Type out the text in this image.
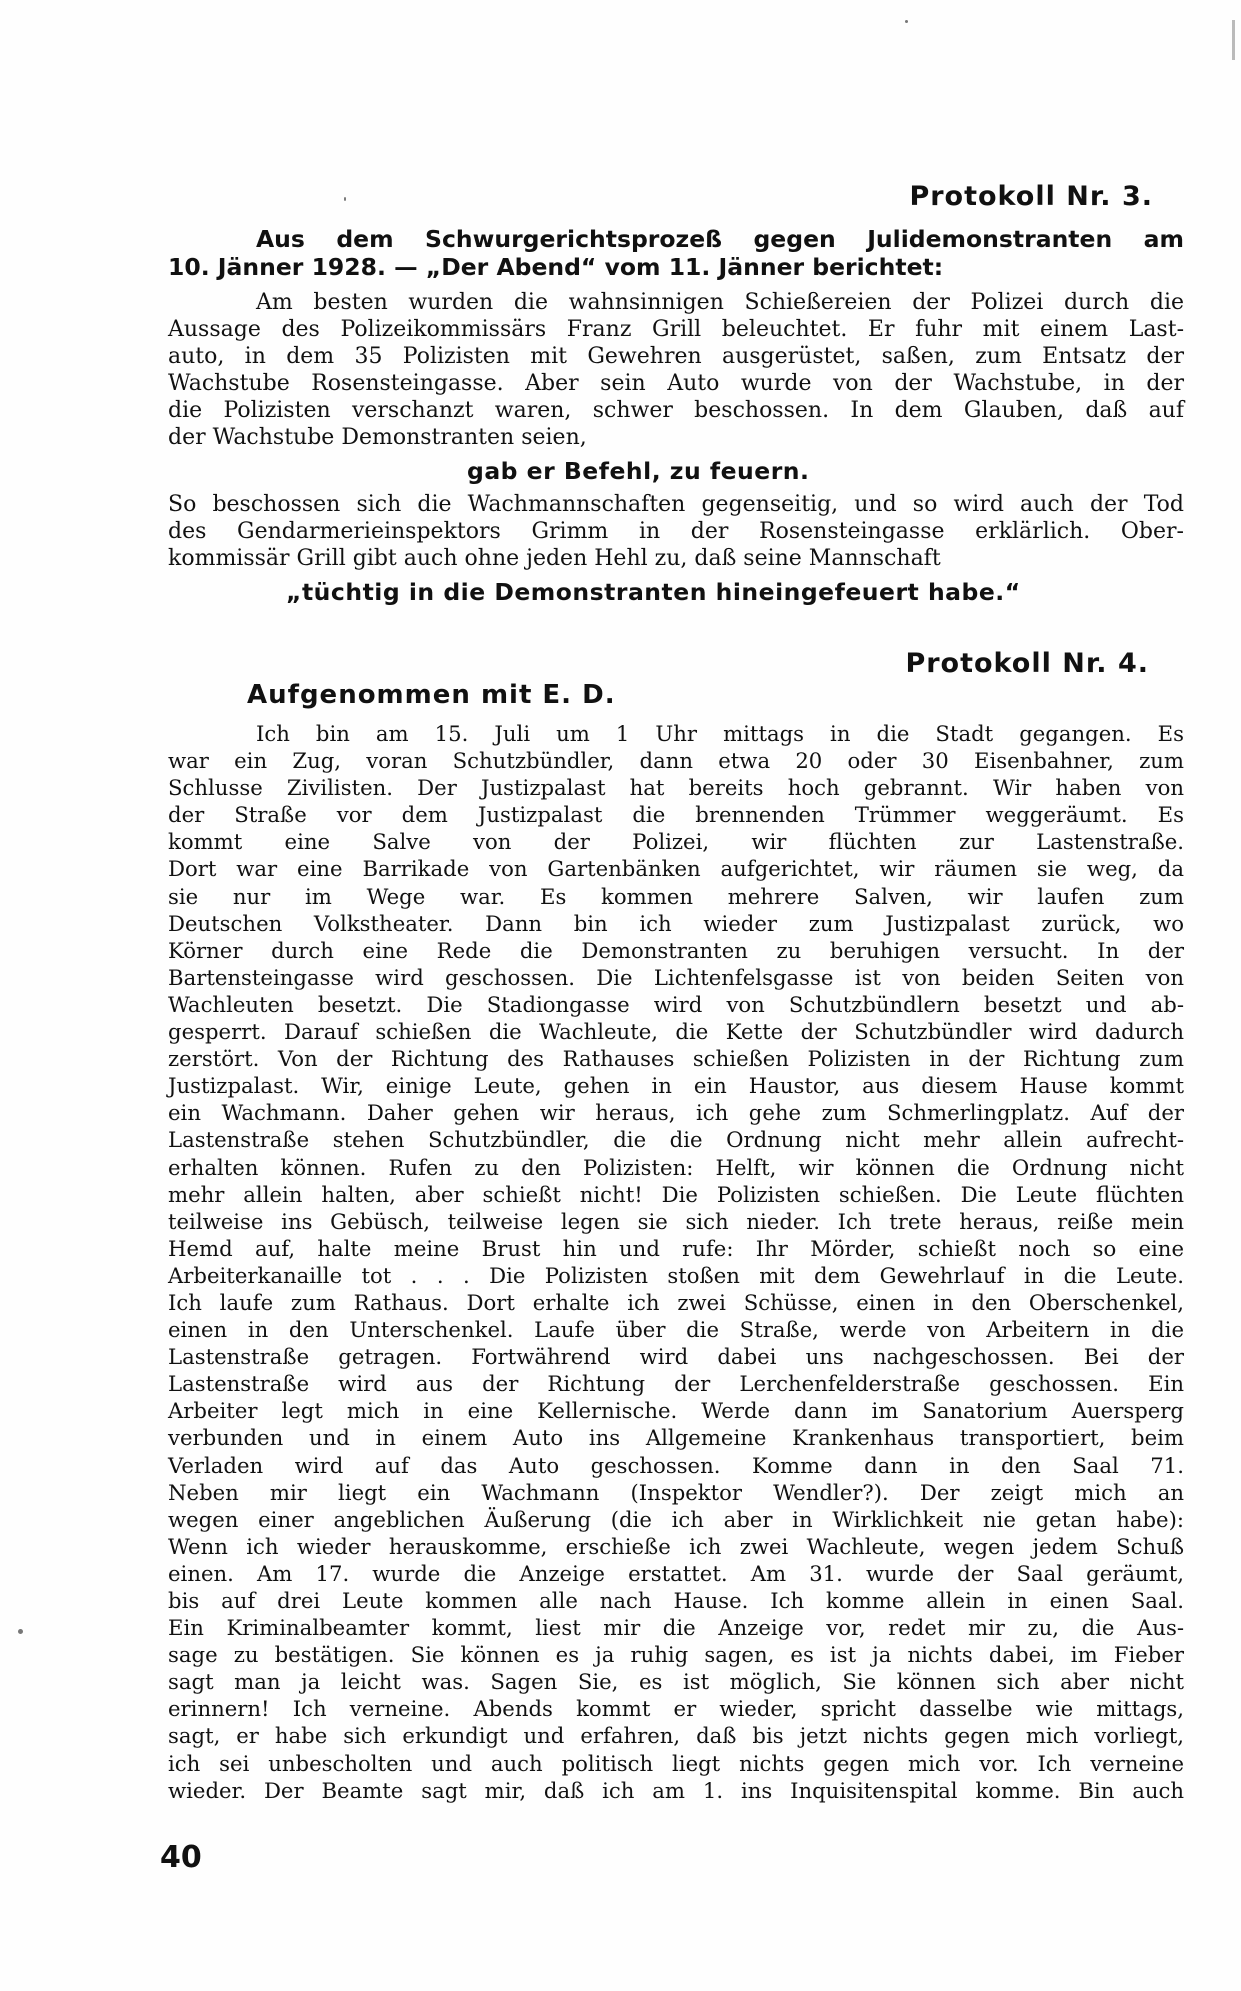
Protokoll Nr. 3.
Aus dem Schwurgerichtsprozeß gegen Julidemonstranten am
10. Jänner 1928. — „Der Abend“ vom 11. Jänner berichtet:
Am besten wurden die wahnsinnigen Schießereien der Polizei durch die
Aussage des Polizeikommissärs Franz Grill beleuchtet. Er fuhr mit einem Last-
auto, in dem 35 Polizisten mit Gewehren ausgerüstet, saßen, zum Entsatz der
Wachstube Rosensteingasse. Aber sein Auto wurde von der Wachstube, in der
die Polizisten verschanzt waren, schwer beschossen. In dem Glauben, daß auf
der Wachstube Demonstranten seien,
gab er Befehl, zu feuern.
So beschossen sich die Wachmannschaften gegenseitig, und so wird auch der Tod
des Gendarmerieinspektors Grimm in der Rosensteingasse erklärlich. Ober-
kommissär Grill gibt auch ohne jeden Hehl zu, daß seine Mannschaft
„tüchtig in die Demonstranten hineingefeuert habe.“
Protokoll Nr. 4.
Aufgenommen mit E. D.
Ich bin am 15. Juli um 1 Uhr mittags in die Stadt gegangen. Es
war ein Zug, voran Schutzbündler, dann etwa 20 oder 30 Eisenbahner, zum
Schlusse Zivilisten. Der Justizpalast hat bereits hoch gebrannt. Wir haben von
der Straße vor dem Justizpalast die brennenden Trümmer weggeräumt. Es
kommt eine Salve von der Polizei, wir flüchten zur Lastenstraße.
Dort war eine Barrikade von Gartenbänken aufgerichtet, wir räumen sie weg, da
sie nur im Wege war. Es kommen mehrere Salven, wir laufen zum
Deutschen Volkstheater. Dann bin ich wieder zum Justizpalast zurück, wo
Körner durch eine Rede die Demonstranten zu beruhigen versucht. In der
Bartensteingasse wird geschossen. Die Lichtenfelsgasse ist von beiden Seiten von
Wachleuten besetzt. Die Stadiongasse wird von Schutzbündlern besetzt und ab-
gesperrt. Darauf schießen die Wachleute, die Kette der Schutzbündler wird dadurch
zerstört. Von der Richtung des Rathauses schießen Polizisten in der Richtung zum
Justizpalast. Wir, einige Leute, gehen in ein Haustor, aus diesem Hause kommt
ein Wachmann. Daher gehen wir heraus, ich gehe zum Schmerlingplatz. Auf der
Lastenstraße stehen Schutzbündler, die die Ordnung nicht mehr allein aufrecht-
erhalten können. Rufen zu den Polizisten: Helft, wir können die Ordnung nicht
mehr allein halten, aber schießt nicht! Die Polizisten schießen. Die Leute flüchten
teilweise ins Gebüsch, teilweise legen sie sich nieder. Ich trete heraus, reiße mein
Hemd auf, halte meine Brust hin und rufe: Ihr Mörder, schießt noch so eine
Arbeiterkanaille tot . . . Die Polizisten stoßen mit dem Gewehrlauf in die Leute.
Ich laufe zum Rathaus. Dort erhalte ich zwei Schüsse, einen in den Oberschenkel,
einen in den Unterschenkel. Laufe über die Straße, werde von Arbeitern in die
Lastenstraße getragen. Fortwährend wird dabei uns nachgeschossen. Bei der
Lastenstraße wird aus der Richtung der Lerchenfelderstraße geschossen. Ein
Arbeiter legt mich in eine Kellernische. Werde dann im Sanatorium Auersperg
verbunden und in einem Auto ins Allgemeine Krankenhaus transportiert, beim
Verladen wird auf das Auto geschossen. Komme dann in den Saal 71.
Neben mir liegt ein Wachmann (Inspektor Wendler?). Der zeigt mich an
wegen einer angeblichen Äußerung (die ich aber in Wirklichkeit nie getan habe):
Wenn ich wieder herauskomme, erschieße ich zwei Wachleute, wegen jedem Schuß
einen. Am 17. wurde die Anzeige erstattet. Am 31. wurde der Saal geräumt,
bis auf drei Leute kommen alle nach Hause. Ich komme allein in einen Saal.
Ein Kriminalbeamter kommt, liest mir die Anzeige vor, redet mir zu, die Aus-
sage zu bestätigen. Sie können es ja ruhig sagen, es ist ja nichts dabei, im Fieber
sagt man ja leicht was. Sagen Sie, es ist möglich, Sie können sich aber nicht
erinnern! Ich verneine. Abends kommt er wieder, spricht dasselbe wie mittags,
sagt, er habe sich erkundigt und erfahren, daß bis jetzt nichts gegen mich vorliegt,
ich sei unbescholten und auch politisch liegt nichts gegen mich vor. Ich verneine
wieder. Der Beamte sagt mir, daß ich am 1. ins Inquisitenspital komme. Bin auch
40
